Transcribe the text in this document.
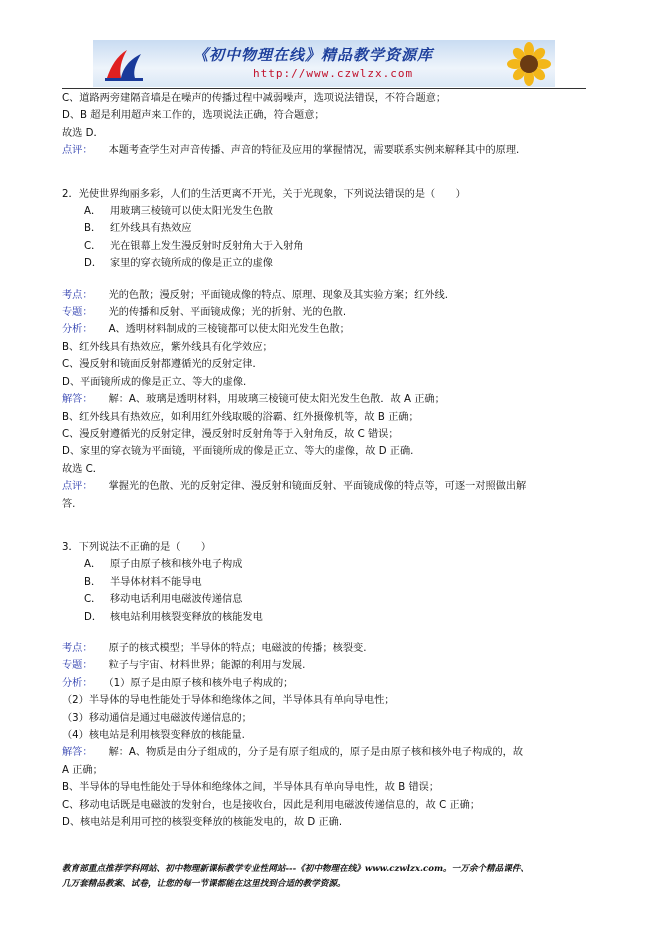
《初中物理在线》精品教学资源库
http://www.czwlzx.com

C、道路两旁建隔音墙是在噪声的传播过程中减弱噪声，选项说法错误，不符合题意；

D、B 超是利用超声来工作的，选项说法正确，符合题意；

故选 D．

点评： 本题考查学生对声音传播、声音的特征及应用的掌握情况，需要联系实例来解释其中的原理.

2．光使世界绚丽多彩，人们的生活更离不开光，关于光现象，下列说法错误的是（　　）

A． 用玻璃三棱镜可以使太阳光发生色散

B． 红外线具有热效应

C． 光在银幕上发生漫反射时反射角大于入射角

D． 家里的穿衣镜所成的像是正立的虚像

考点： 光的色散；漫反射；平面镜成像的特点、原理、现象及其实验方案；红外线.

专题： 光的传播和反射、平面镜成像；光的折射、光的色散.

分析： A、透明材料制成的三棱镜都可以使太阳光发生色散；

B、红外线具有热效应，紫外线具有化学效应；

C、漫反射和镜面反射都遵循光的反射定律．

D、平面镜所成的像是正立、等大的虚像.

解答： 解：A、玻璃是透明材料，用玻璃三棱镜可使太阳光发生色散．故 A 正确；

B、红外线具有热效应，如利用红外线取暖的浴霸、红外摄像机等，故 B 正确；

C、漫反射遵循光的反射定律，漫反射时反射角等于入射角反，故 C 错误；

D、家里的穿衣镜为平面镜，平面镜所成的像是正立、等大的虚像，故 D 正确.

故选 C．

点评： 掌握光的色散、光的反射定律、漫反射和镜面反射、平面镜成像的特点等，可逐一对照做出解

答.

3．下列说法不正确的是（　　）

A． 原子由原子核和核外电子构成

B． 半导体材料不能导电

C． 移动电话利用电磁波传递信息

D． 核电站利用核裂变释放的核能发电

考点： 原子的核式模型；半导体的特点；电磁波的传播；核裂变.

专题： 粒子与宇宙、材料世界；能源的利用与发展.

分析： （1）原子是由原子核和核外电子构成的；

（2）半导体的导电性能处于导体和绝缘体之间，半导体具有单向导电性；

（3）移动通信是通过电磁波传递信息的；

（4）核电站是利用核裂变释放的核能量.

解答： 解：A、物质是由分子组成的，分子是有原子组成的，原子是由原子核和核外电子构成的，故

A 正确；

B、半导体的导电性能处于导体和绝缘体之间，半导体具有单向导电性，故 B 错误；

C、移动电话既是电磁波的发射台，也是接收台，因此是利用电磁波传递信息的，故 C 正确；

D、核电站是利用可控的核裂变释放的核能发电的，故 D 正确.

教育部重点推荐学科网站、初中物理新课标教学专业性网站---《初中物理在线》www.czwlzx.com。一万余个精品课件、

几万套精品教案、试卷，让您的每一节课都能在这里找到合适的教学资源。
